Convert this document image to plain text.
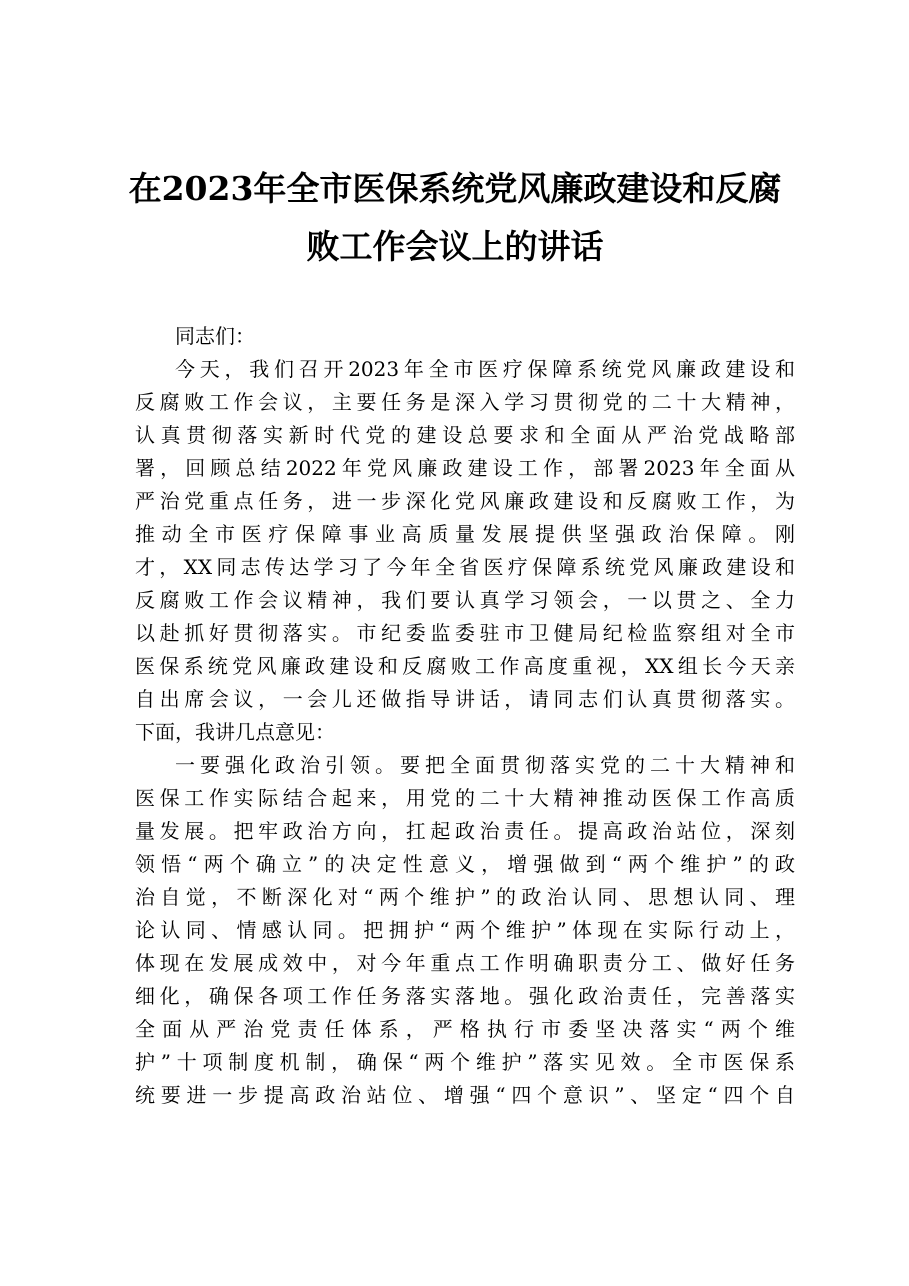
在2023年全市医保系统党风廉政建设和反腐
败工作会议上的讲话
同志们：
今天，我们召开2023年全市医疗保障系统党风廉政建设和
反腐败工作会议，主要任务是深入学习贯彻党的二十大精神，
认真贯彻落实新时代党的建设总要求和全面从严治党战略部
署，回顾总结2022年党风廉政建设工作，部署2023年全面从
严治党重点任务，进一步深化党风廉政建设和反腐败工作，为
推动全市医疗保障事业高质量发展提供坚强政治保障。刚
才，XX同志传达学习了今年全省医疗保障系统党风廉政建设和
反腐败工作会议精神，我们要认真学习领会，一以贯之、全力
以赴抓好贯彻落实。市纪委监委驻市卫健局纪检监察组对全市
医保系统党风廉政建设和反腐败工作高度重视，XX组长今天亲
自出席会议，一会儿还做指导讲话，请同志们认真贯彻落实。
下面，我讲几点意见：
一要强化政治引领。要把全面贯彻落实党的二十大精神和
医保工作实际结合起来，用党的二十大精神推动医保工作高质
量发展。把牢政治方向，扛起政治责任。提高政治站位，深刻
领悟“两个确立”的决定性意义，增强做到“两个维护”的政
治自觉，不断深化对“两个维护”的政治认同、思想认同、理
论认同、情感认同。把拥护“两个维护”体现在实际行动上，
体现在发展成效中，对今年重点工作明确职责分工、做好任务
细化，确保各项工作任务落实落地。强化政治责任，完善落实
全面从严治党责任体系，严格执行市委坚决落实“两个维
护”十项制度机制，确保“两个维护”落实见效。全市医保系
统要进一步提高政治站位、增强“四个意识”、坚定“四个自
